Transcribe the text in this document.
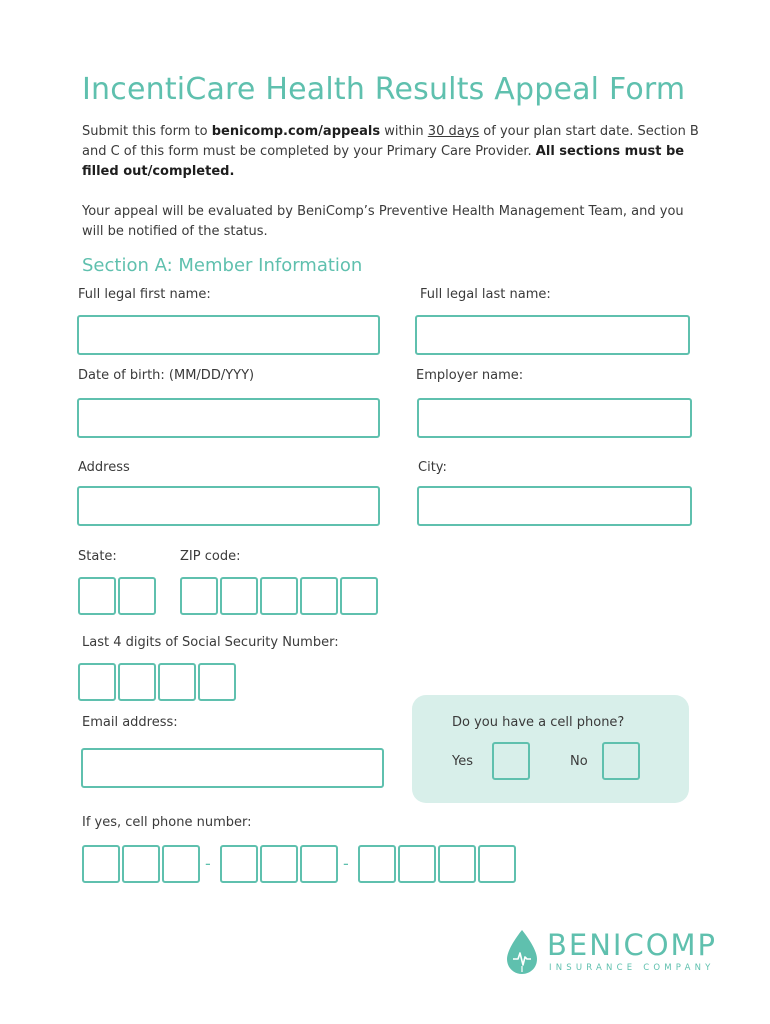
IncentiCare Health Results Appeal Form
Submit this form to benicomp.com/appeals within 30 days of your plan start date. Section B and C of this form must be completed by your Primary Care Provider. All sections must be filled out/completed.
Your appeal will be evaluated by BeniComp’s Preventive Health Management Team, and you will be notified of the status.
Section A: Member Information
Full legal first name:	Full legal last name:
Date of birth: (MM/DD/YYY)	Employer name:
Address	City:
State:	ZIP code:
Last 4 digits of Social Security Number:
Email address:	Do you have a cell phone?
Yes	No
If yes, cell phone number:
-	-
BENICOMP
INSURANCE COMPANY
